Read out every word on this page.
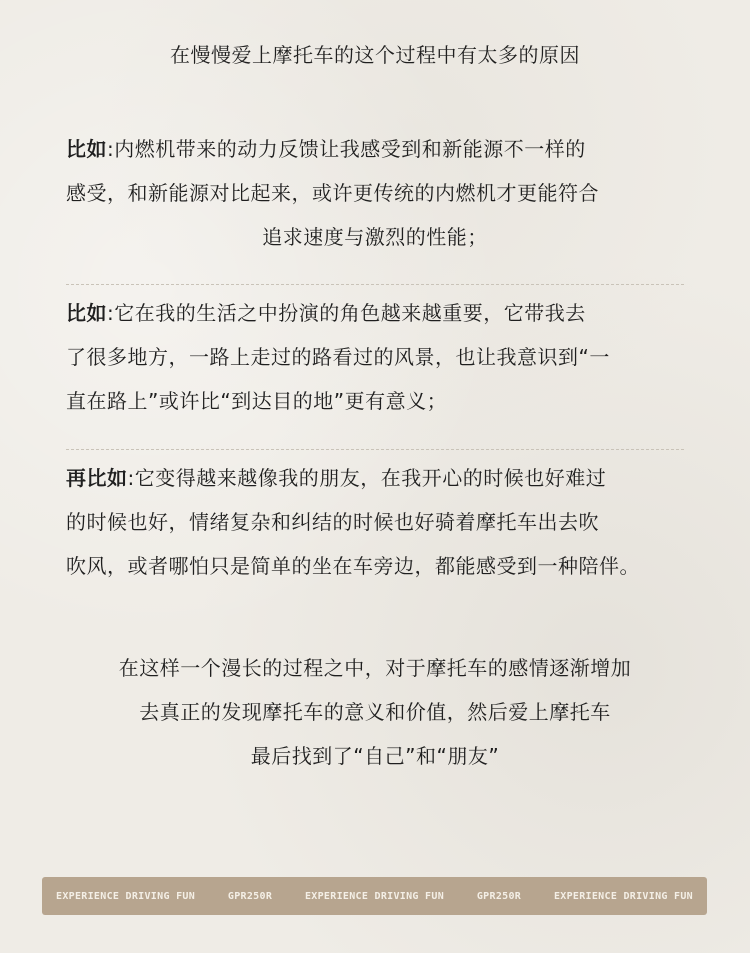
在慢慢爱上摩托车的这个过程中有太多的原因
比如:内燃机带来的动力反馈让我感受到和新能源不一样的
感受，和新能源对比起来，或许更传统的内燃机才更能符合
追求速度与激烈的性能；
比如:它在我的生活之中扮演的角色越来越重要，它带我去
了很多地方，一路上走过的路看过的风景，也让我意识到“一
直在路上”或许比“到达目的地”更有意义；
再比如:它变得越来越像我的朋友，在我开心的时候也好难过
的时候也好，情绪复杂和纠结的时候也好骑着摩托车出去吹
吹风，或者哪怕只是简单的坐在车旁边，都能感受到一种陪伴。
在这样一个漫长的过程之中，对于摩托车的感情逐渐增加
去真正的发现摩托车的意义和价值，然后爱上摩托车
最后找到了“自己”和“朋友”
EXPERIENCE DRIVING FUN	GPR250R	EXPERIENCE DRIVING FUN	GPR250R	EXPERIENCE DRIVING FUN
